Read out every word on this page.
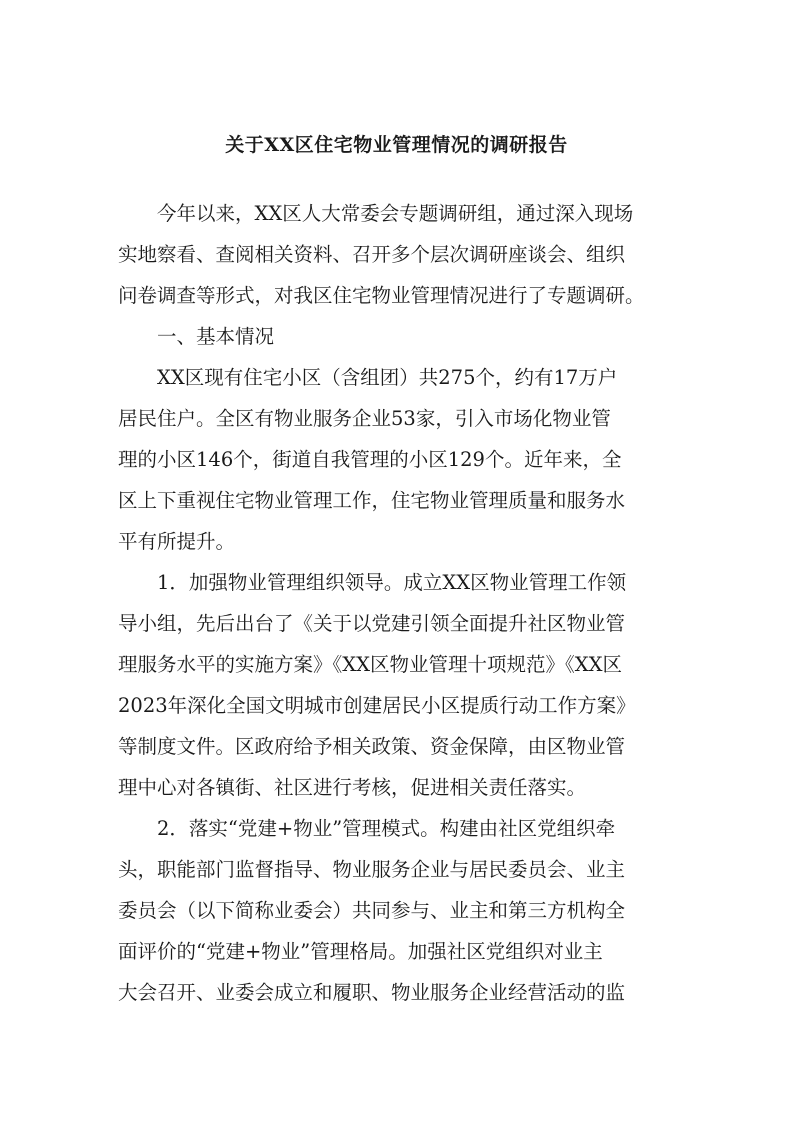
关于XX区住宅物业管理情况的调研报告
　　今年以来，XX区人大常委会专题调研组，通过深入现场
实地察看、查阅相关资料、召开多个层次调研座谈会、组织
问卷调查等形式，对我区住宅物业管理情况进行了专题调研。
　　一、基本情况
　　XX区现有住宅小区（含组团）共275个，约有17万户
居民住户。全区有物业服务企业53家，引入市场化物业管
理的小区146个，街道自我管理的小区129个。近年来，全
区上下重视住宅物业管理工作，住宅物业管理质量和服务水
平有所提升。
　　1．加强物业管理组织领导。成立XX区物业管理工作领
导小组，先后出台了《关于以党建引领全面提升社区物业管
理服务水平的实施方案》《XX区物业管理十项规范》《XX区
2023年深化全国文明城市创建居民小区提质行动工作方案》
等制度文件。区政府给予相关政策、资金保障，由区物业管
理中心对各镇街、社区进行考核，促进相关责任落实。
　　2．落实“党建+物业”管理模式。构建由社区党组织牵
头，职能部门监督指导、物业服务企业与居民委员会、业主
委员会（以下简称业委会）共同参与、业主和第三方机构全
面评价的“党建+物业”管理格局。加强社区党组织对业主
大会召开、业委会成立和履职、物业服务企业经营活动的监
